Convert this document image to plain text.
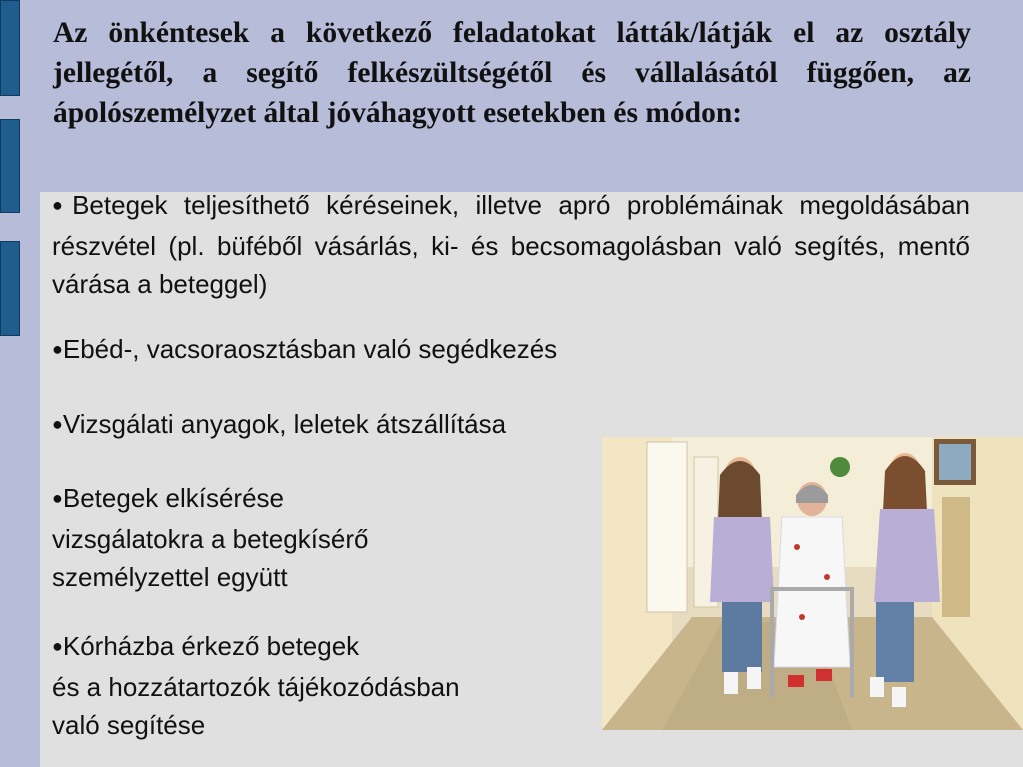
Az önkéntesek a következő feladatokat látták/látják el az osztály jellegétől, a segítő felkészültségétől és vállalásától függően, az ápolószemélyzet által jóváhagyott esetekben és módon:

●Betegek teljesíthető kéréseinek, illetve apró problémáinak megoldásában részvétel (pl. büféből vásárlás, ki- és becsomagolásban való segítés, mentő várása a beteggel)

●Ebéd-, vacsoraosztásban való segédkezés

●Vizsgálati anyagok, leletek átszállítása

●Betegek elkísérése
vizsgálatokra a betegkísérő
személyzettel együtt

●Kórházba érkező betegek
és a hozzátartozók tájékozódásban
való segítése
